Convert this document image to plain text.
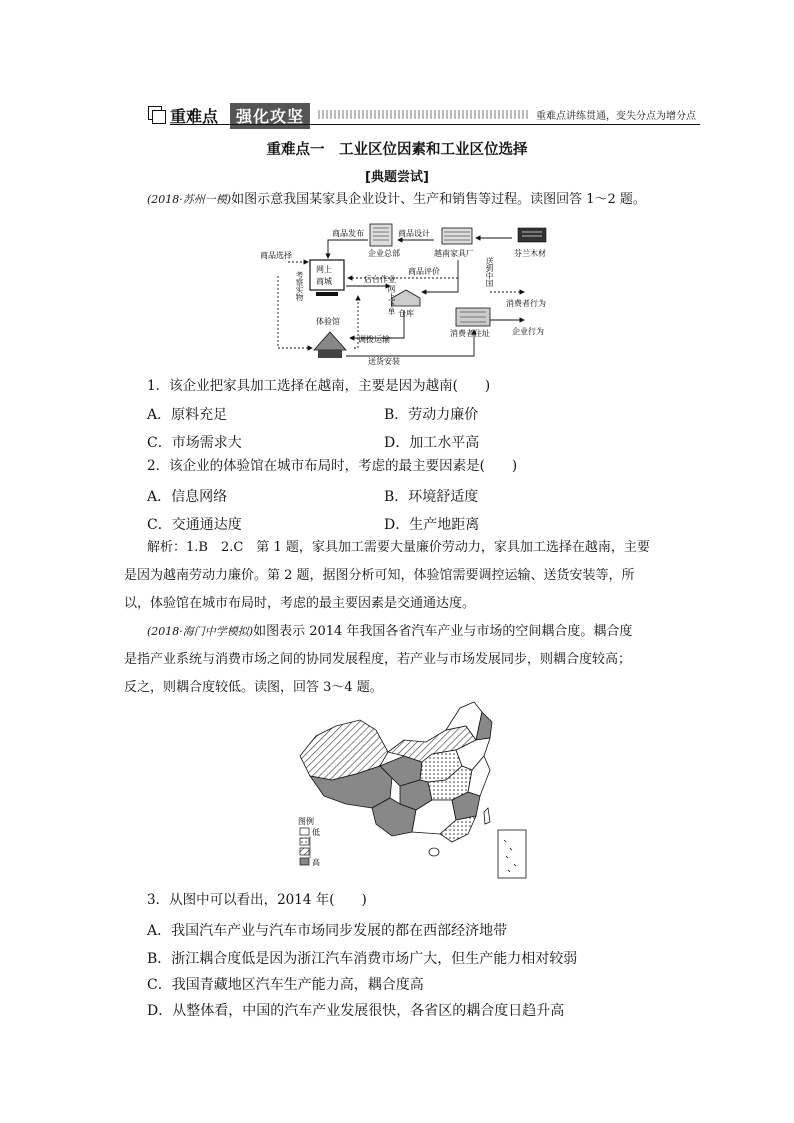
重难点	强化攻坚	重难点讲练贯通，变失分点为增分点
重难点一　工业区位因素和工业区位选择
[典题尝试]
(2018·苏州一模)如图示意我国某家具企业设计、生产和销售等过程。读图回答 1～2 题。
商品发布
企业总部
商品设计
越南家具厂	芬兰木材
商品选择
网上
商城
商品评价
后台作业
仓库
考察实物
网上下单
送到中国
体验馆
调拨运输
消费者住址
送货安装
消费者行为
企业行为
1．该企业把家具加工选择在越南，主要是因为越南(　　)
A．原料充足	B．劳动力廉价
C．市场需求大	D．加工水平高
2．该企业的体验馆在城市布局时，考虑的最主要因素是(　　)
A．信息网络	B．环境舒适度
C．交通通达度	D．生产地距离
解析：1.B　2.C　第 1 题，家具加工需要大量廉价劳动力，家具加工选择在越南，主要
是因为越南劳动力廉价。第 2 题，据图分析可知，体验馆需要调控运输、送货安装等，所
以，体验馆在城市布局时，考虑的最主要因素是交通通达度。
(2018·海门中学模拟)如图表示 2014 年我国各省汽车产业与市场的空间耦合度。耦合度
是指产业系统与消费市场之间的协同发展程度，若产业与市场发展同步，则耦合度较高；
反之，则耦合度较低。读图，回答 3～4 题。
图例
低
高
3．从图中可以看出，2014 年(　　)
A．我国汽车产业与汽车市场同步发展的都在西部经济地带
B．浙江耦合度低是因为浙江汽车消费市场广大，但生产能力相对较弱
C．我国青藏地区汽车生产能力高，耦合度高
D．从整体看，中国的汽车产业发展很快，各省区的耦合度日趋升高
